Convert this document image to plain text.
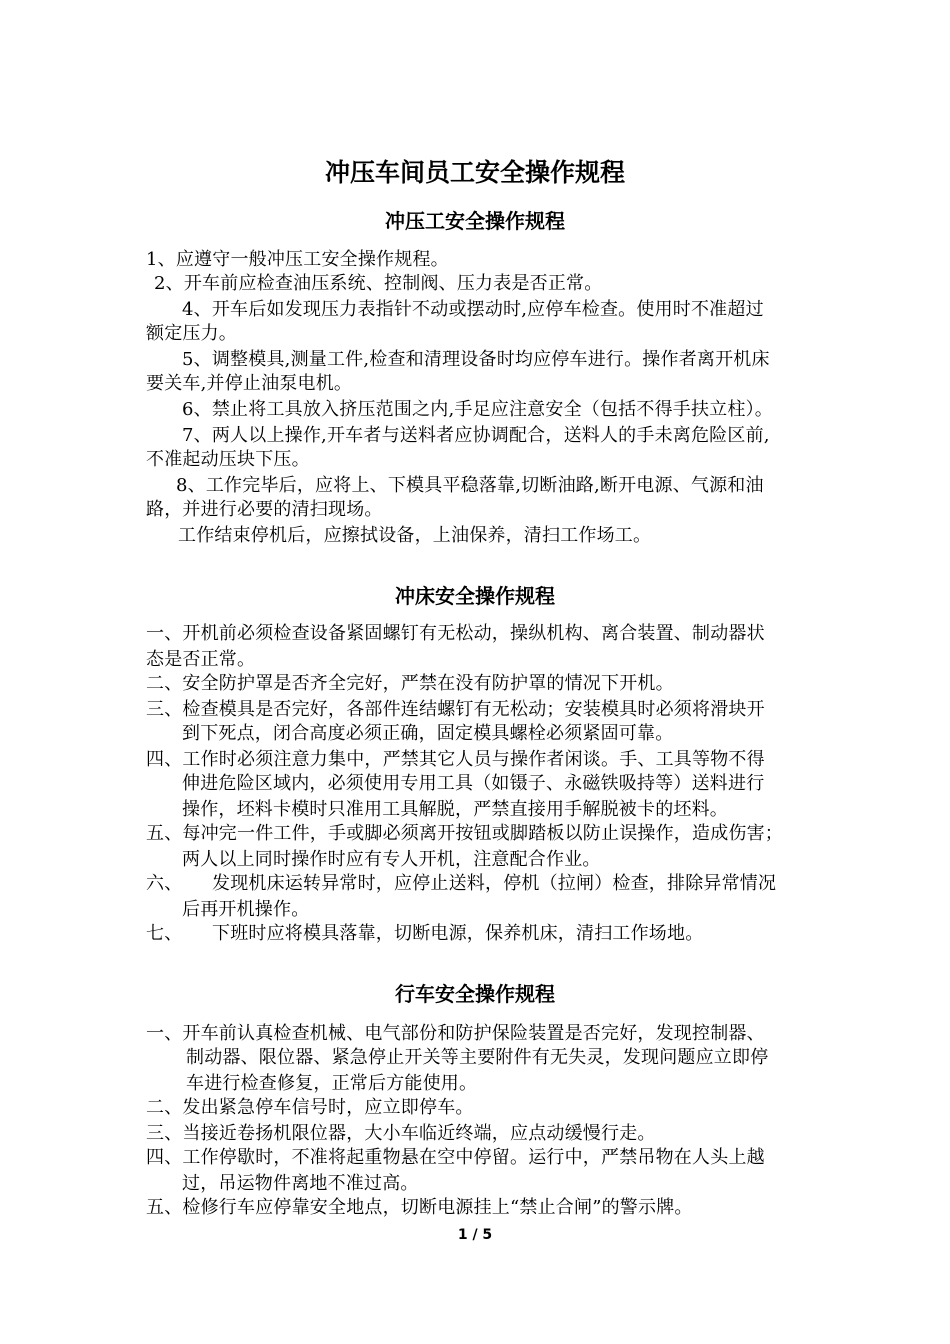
冲压车间员工安全操作规程
冲压工安全操作规程
1、应遵守一般冲压工安全操作规程。
2、开车前应检查油压系统、控制阀、压力表是否正常。
4、开车后如发现压力表指针不动或摆动时,应停车检查。使用时不准超过
额定压力。
5、调整模具,测量工件,检查和清理设备时均应停车进行。操作者离开机床
要关车,并停止油泵电机。
6、禁止将工具放入挤压范围之内,手足应注意安全（包括不得手扶立柱）。
7、两人以上操作,开车者与送料者应协调配合，送料人的手未离危险区前,
不准起动压块下压。
8、工作完毕后，应将上、下模具平稳落靠,切断油路,断开电源、气源和油
路，并进行必要的清扫现场。
工作结束停机后，应擦拭设备，上油保养，清扫工作场工。
冲床安全操作规程
一、开机前必须检查设备紧固螺钉有无松动，操纵机构、离合装置、制动器状
态是否正常。
二、安全防护罩是否齐全完好，严禁在没有防护罩的情况下开机。
三、检查模具是否完好，各部件连结螺钉有无松动；安装模具时必须将滑块开
到下死点，闭合高度必须正确，固定模具螺栓必须紧固可靠。
四、工作时必须注意力集中，严禁其它人员与操作者闲谈。手、工具等物不得
伸进危险区域内，必须使用专用工具（如镊子、永磁铁吸持等）送料进行
操作，坯料卡模时只准用工具解脱，严禁直接用手解脱被卡的坯料。
五、每冲完一件工件，手或脚必须离开按钮或脚踏板以防止误操作，造成伤害；
两人以上同时操作时应有专人开机，注意配合作业。
六、 发现机床运转异常时，应停止送料，停机（拉闸）检查，排除异常情况
后再开机操作。
七、 下班时应将模具落靠，切断电源，保养机床，清扫工作场地。
行车安全操作规程
一、开车前认真检查机械、电气部份和防护保险装置是否完好，发现控制器、
制动器、限位器、紧急停止开关等主要附件有无失灵，发现问题应立即停
车进行检查修复，正常后方能使用。
二、发出紧急停车信号时，应立即停车。
三、当接近卷扬机限位器，大小车临近终端，应点动缓慢行走。
四、工作停歇时，不准将起重物悬在空中停留。运行中，严禁吊物在人头上越
过，吊运物件离地不准过高。
五、检修行车应停靠安全地点，切断电源挂上“禁止合闸”的警示牌。
1 / 5
